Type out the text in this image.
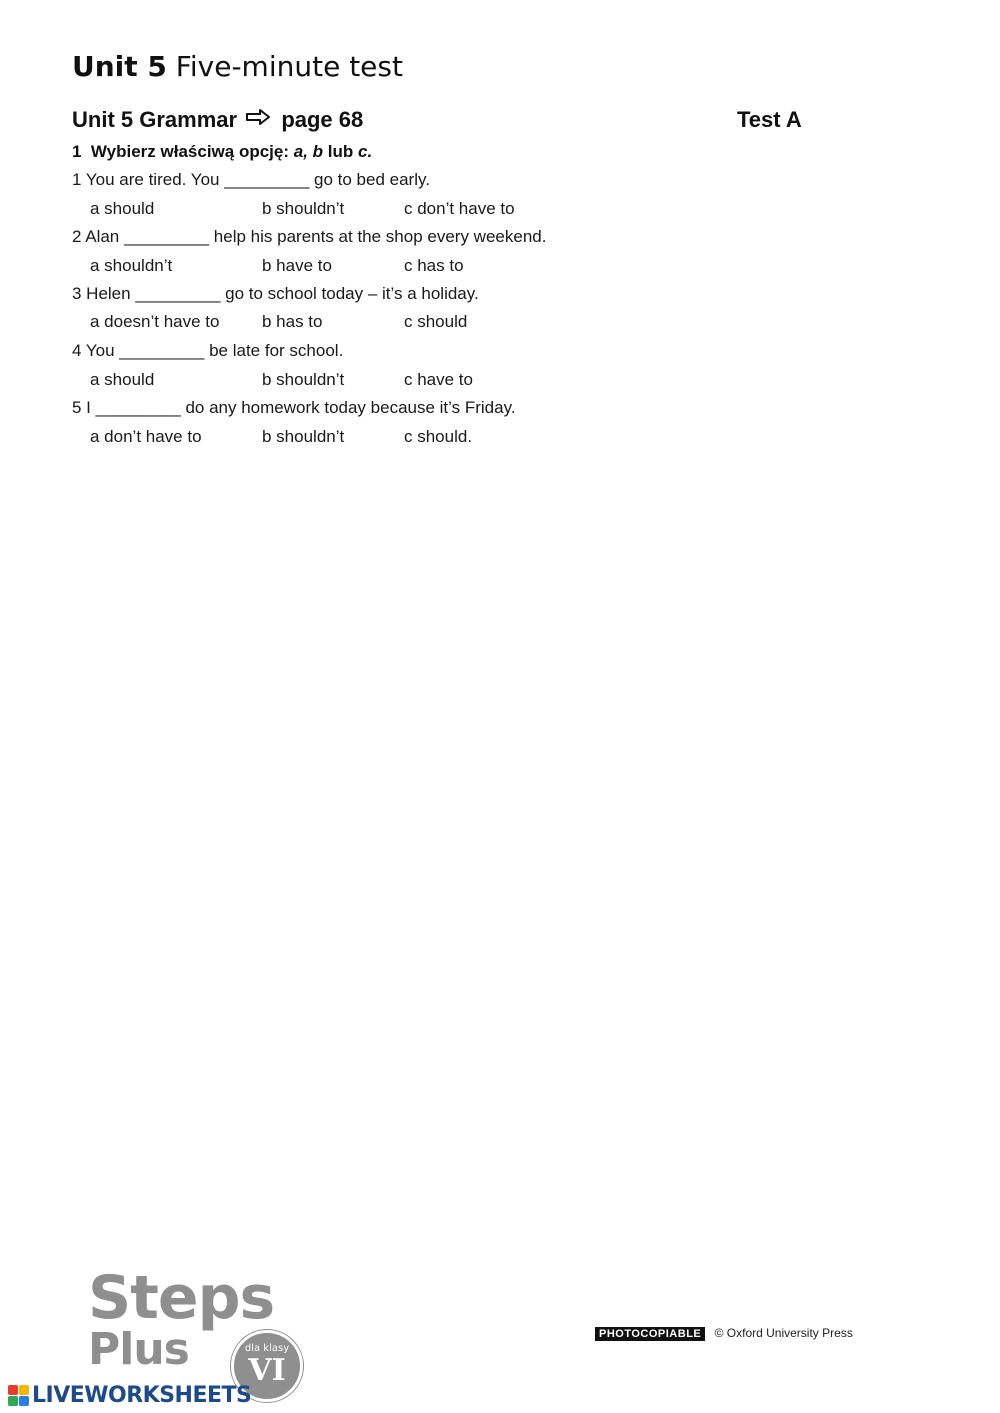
Unit 5 Five-minute test
Unit 5 Grammar page 68	Test A
1 Wybierz właściwą opcję: a, b lub c.
1 You are tired. You _________ go to bed early.
a should	b shouldn’t	c don’t have to
2 Alan _________ help his parents at the shop every weekend.
a shouldn’t	b have to	c has to
3 Helen _________ go to school today – it’s a holiday.
a doesn’t have to	b has to	c should
4 You _________ be late for school.
a should	b shouldn’t	c have to
5 I _________ do any homework today because it’s Friday.
a don’t have to	b shouldn’t	c should.
Steps
Plus	dla klasy
VI
PHOTOCOPIABLE © Oxford University Press
LIVEWORKSHEETS
